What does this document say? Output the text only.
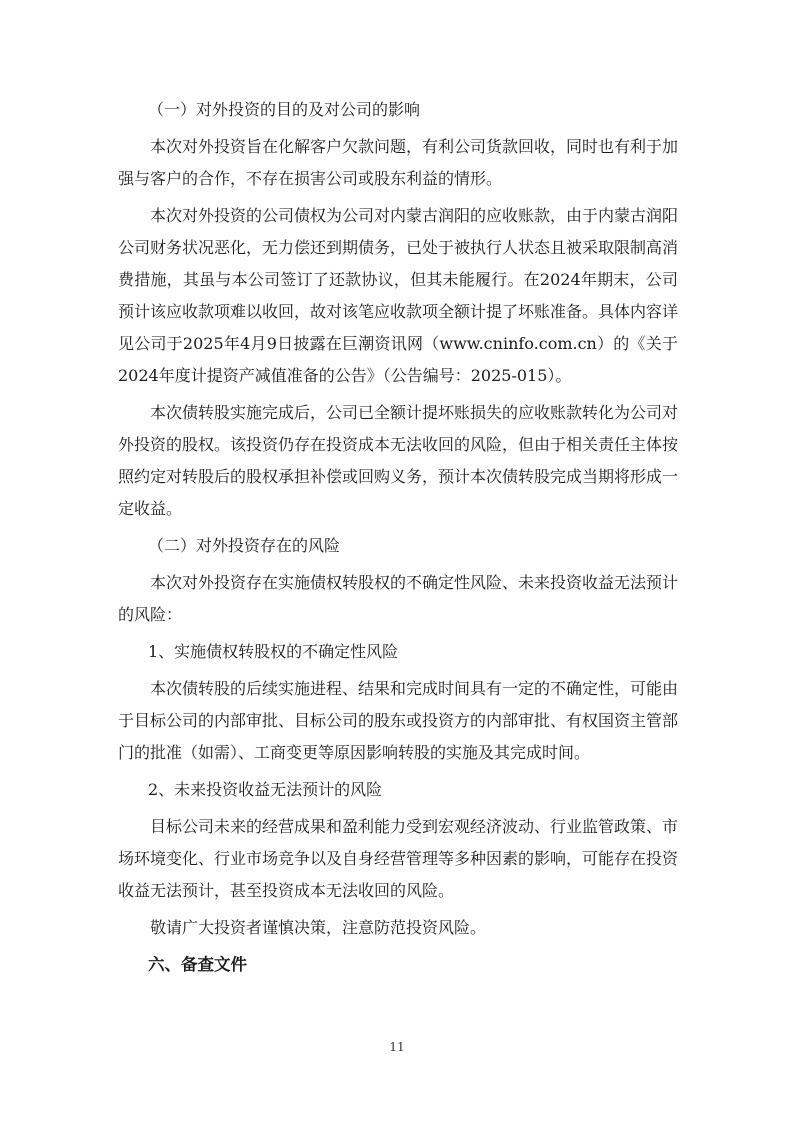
（一）对外投资的目的及对公司的影响
本次对外投资旨在化解客户欠款问题，有利公司货款回收，同时也有利于加强与客户的合作，不存在损害公司或股东利益的情形。
本次对外投资的公司债权为公司对内蒙古润阳的应收账款，由于内蒙古润阳公司财务状况恶化，无力偿还到期债务，已处于被执行人状态且被采取限制高消费措施，其虽与本公司签订了还款协议，但其未能履行。在2024年期末，公司预计该应收款项难以收回，故对该笔应收款项全额计提了坏账准备。具体内容详见公司于2025年4月9日披露在巨潮资讯网（www.cninfo.com.cn）的《关于2024年度计提资产减值准备的公告》（公告编号：2025-015）。
本次债转股实施完成后，公司已全额计提坏账损失的应收账款转化为公司对外投资的股权。该投资仍存在投资成本无法收回的风险，但由于相关责任主体按照约定对转股后的股权承担补偿或回购义务，预计本次债转股完成当期将形成一定收益。
（二）对外投资存在的风险
本次对外投资存在实施债权转股权的不确定性风险、未来投资收益无法预计的风险：
1、实施债权转股权的不确定性风险
本次债转股的后续实施进程、结果和完成时间具有一定的不确定性，可能由于目标公司的内部审批、目标公司的股东或投资方的内部审批、有权国资主管部门的批准（如需）、工商变更等原因影响转股的实施及其完成时间。
2、未来投资收益无法预计的风险
目标公司未来的经营成果和盈利能力受到宏观经济波动、行业监管政策、市场环境变化、行业市场竞争以及自身经营管理等多种因素的影响，可能存在投资收益无法预计，甚至投资成本无法收回的风险。
敬请广大投资者谨慎决策，注意防范投资风险。
六、备查文件
11
